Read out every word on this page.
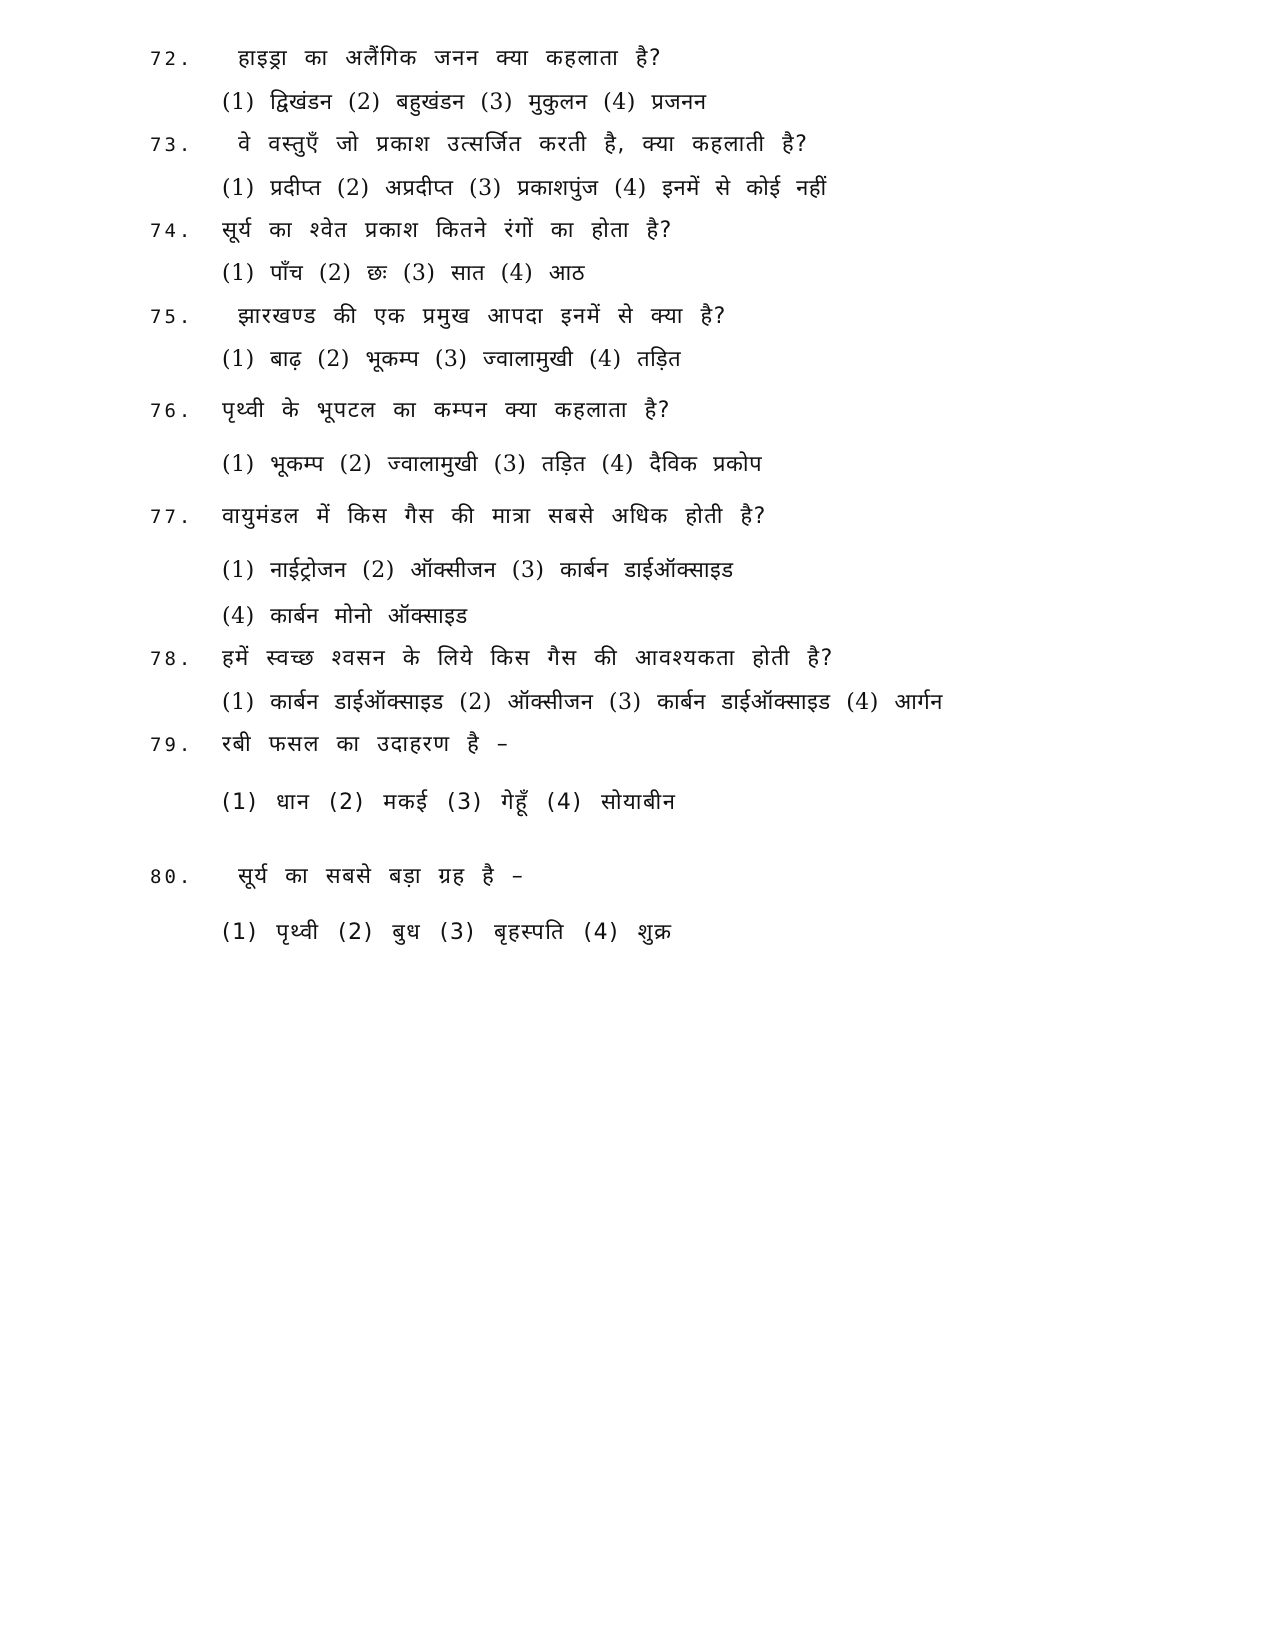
72. हाइड्रा का अलैंगिक जनन क्या कहलाता है?
(1) द्विखंडन (2) बहुखंडन (3) मुकुलन (4) प्रजनन
73. वे वस्तुएँ जो प्रकाश उत्सर्जित करती है, क्या कहलाती है?
(1) प्रदीप्त (2) अप्रदीप्त (3) प्रकाशपुंज (4) इनमें से कोई नहीं
74. सूर्य का श्वेत प्रकाश कितने रंगों का होता है?
(1) पाँच (2) छः (3) सात (4) आठ
75. झारखण्ड की एक प्रमुख आपदा इनमें से क्या है?
(1) बाढ़ (2) भूकम्प (3) ज्वालामुखी (4) तड़ित
76. पृथ्वी के भूपटल का कम्पन क्या कहलाता है?
(1) भूकम्प (2) ज्वालामुखी (3) तड़ित (4) दैविक प्रकोप
77. वायुमंडल में किस गैस की मात्रा सबसे अधिक होती है?
(1) नाईट्रोजन (2) ऑक्सीजन (3) कार्बन डाईऑक्साइड
(4) कार्बन मोनो ऑक्साइड
78. हमें स्वच्छ श्वसन के लिये किस गैस की आवश्यकता होती है?
(1) कार्बन डाईऑक्साइड (2) ऑक्सीजन (3) कार्बन डाईऑक्साइड (4) आर्गन
79. रबी फसल का उदाहरण है –
(1) धान (2) मकई (3) गेहूँ (4) सोयाबीन
80. सूर्य का सबसे बड़ा ग्रह है –
(1) पृथ्वी (2) बुध (3) बृहस्पति (4) शुक्र
